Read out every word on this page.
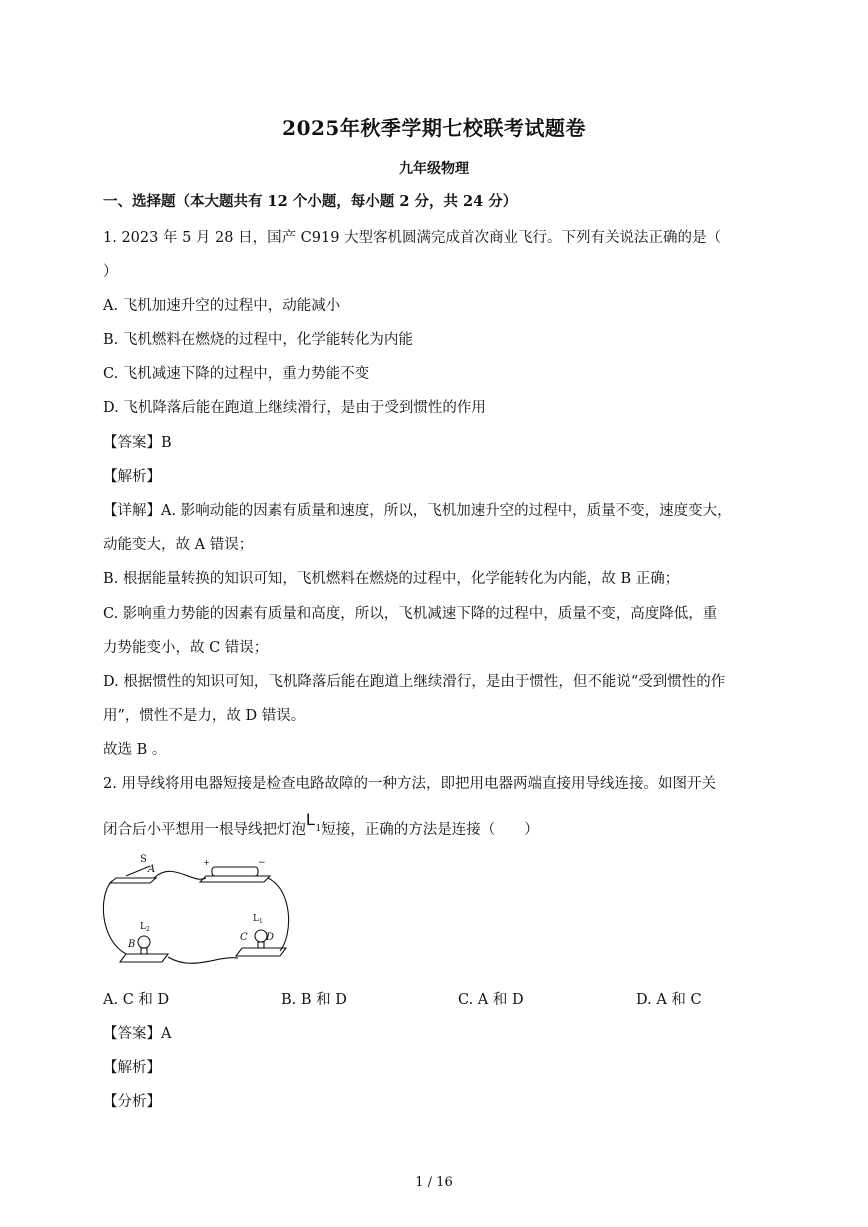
2025年秋季学期七校联考试题卷
九年级物理
一、选择题（本大题共有 12 个小题，每小题 2 分，共 24 分）
1. 2023 年 5 月 28 日，国产 C919 大型客机圆满完成首次商业飞行。下列有关说法正确的是（
）
A. 飞机加速升空的过程中，动能减小
B. 飞机燃料在燃烧的过程中，化学能转化为内能
C. 飞机减速下降的过程中，重力势能不变
D. 飞机降落后能在跑道上继续滑行，是由于受到惯性的作用
【答案】B
【解析】
【详解】A. 影响动能的因素有质量和速度，所以，飞机加速升空的过程中，质量不变，速度变大，
动能变大，故 A 错误；
B. 根据能量转换的知识可知，飞机燃料在燃烧的过程中，化学能转化为内能，故 B 正确；
C. 影响重力势能的因素有质量和高度，所以，飞机减速下降的过程中，质量不变，高度降低，重
力势能变小，故 C 错误；
D. 根据惯性的知识可知，飞机降落后能在跑道上继续滑行，是由于惯性，但不能说“受到惯性的作
用”，惯性不是力，故 D 错误。
故选 B 。
2. 用导线将用电器短接是检查电路故障的一种方法，即把用电器两端直接用导线连接。如图开关
闭合后小平想用一根导线把灯泡$L^1$短接，正确的方法是连接（　　）
S
A
+	−
L 2
B
L 1
C D
A. C 和 D	B. B 和 D	C. A 和 D	D. A 和 C
【答案】A
【解析】
【分析】
1 / 16
